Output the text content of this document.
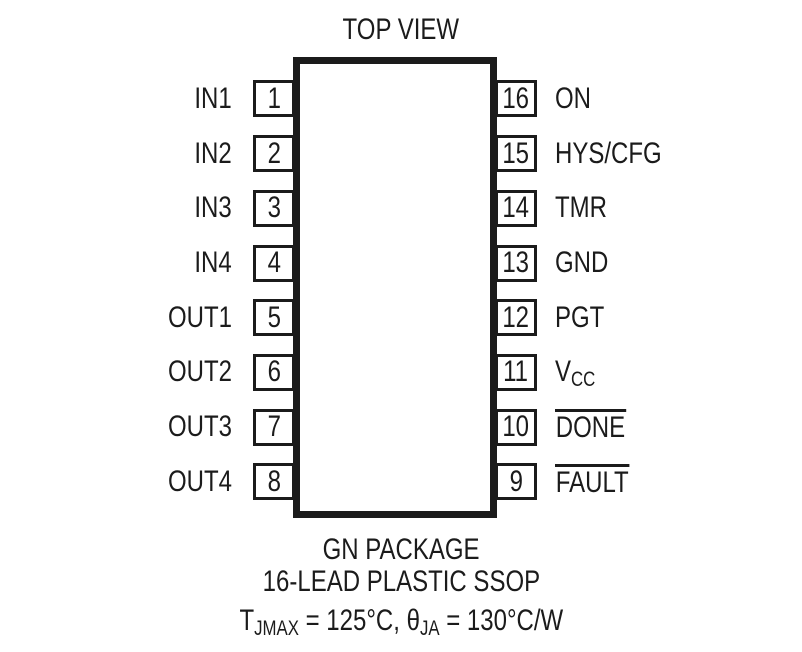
TOP VIEW
IN1 1
IN2 2
IN3 3
IN4 4
OUT1 5
OUT2 6
OUT3 7
OUT4 8
16 ON
15 HYS/CFG
14 TMR
13 GND
12 PGT
11 $V_{CC}$
10 DONE
9 FAULT
GN PACKAGE
16-LEAD PLASTIC SSOP
$T_{JMAX} = 125^\circ C$, $\theta_{JA} = 130^\circ C/W$
